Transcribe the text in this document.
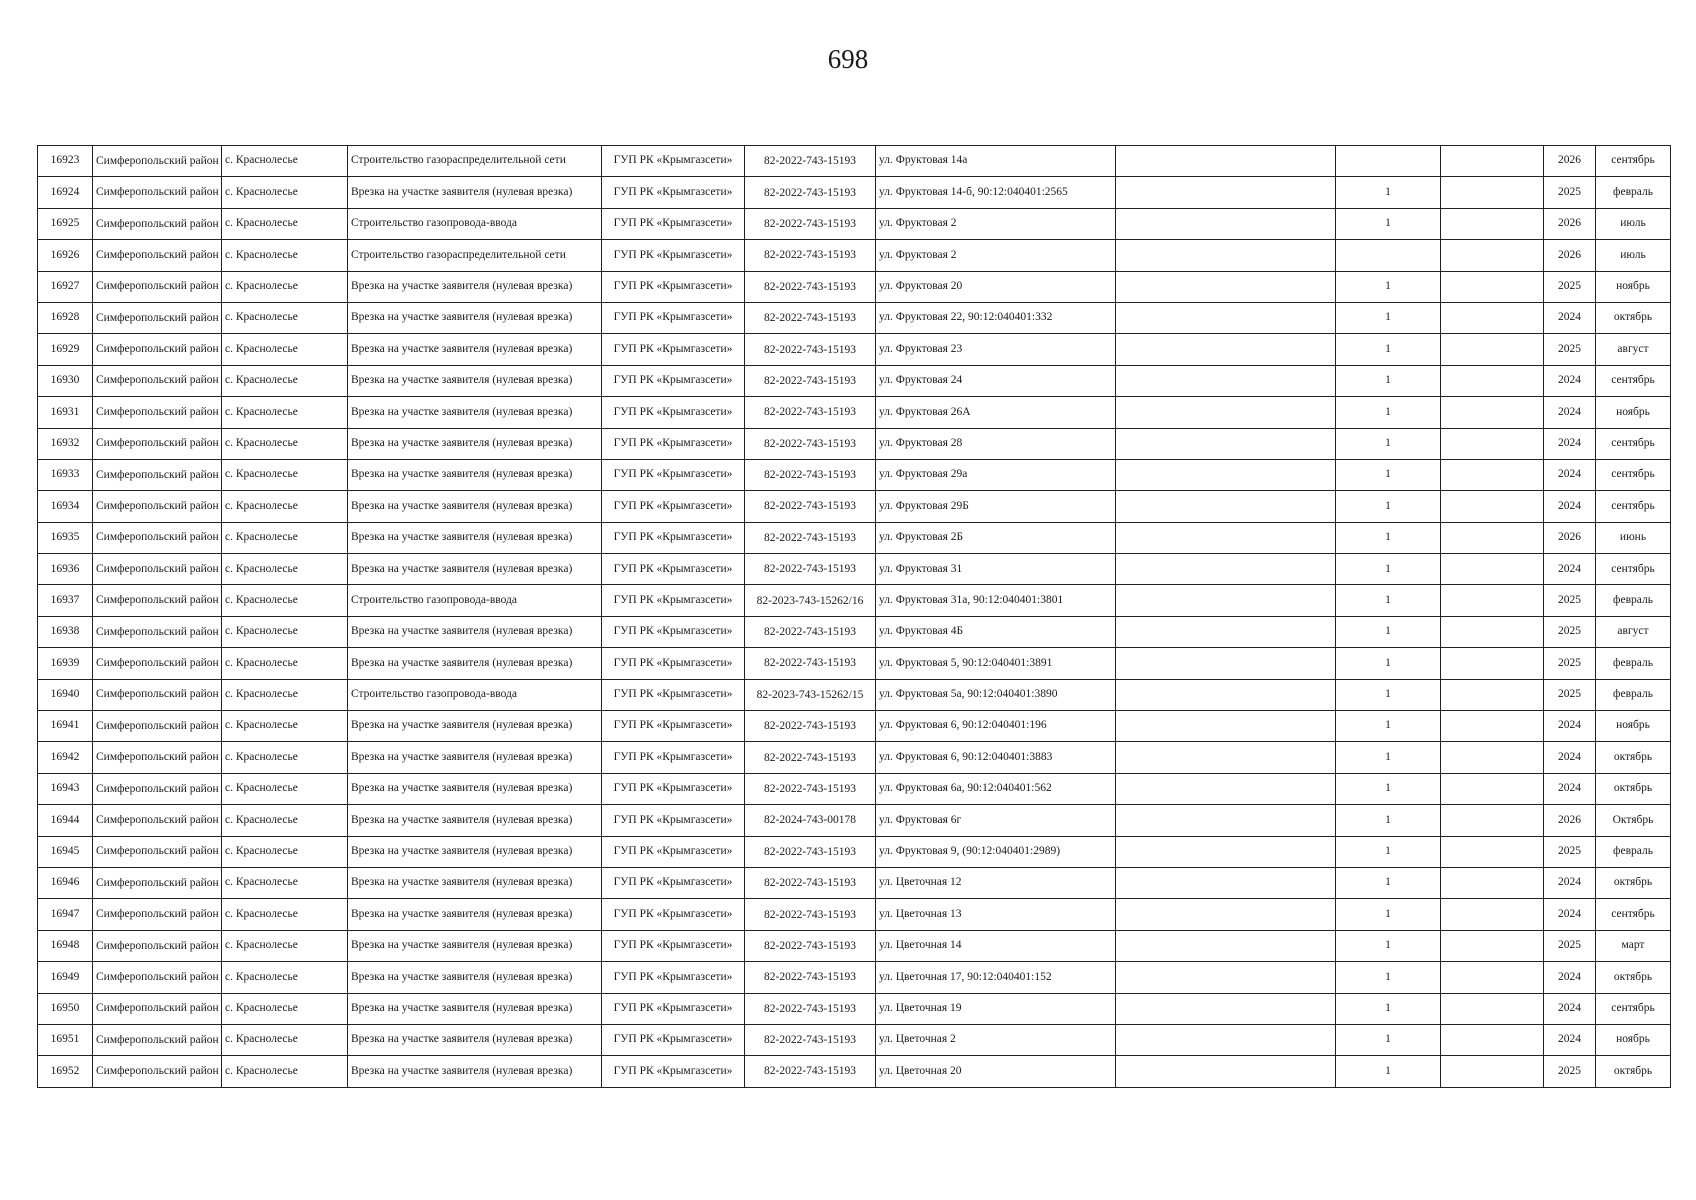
698
16923	Симферопольский район	с. Краснолесье	Строительство газораспределительной сети	ГУП РК «Крымгазсети»	82-2022-743-15193	ул. Фруктовая 14а				2026	сентябрь
16924	Симферопольский район	с. Краснолесье	Врезка на участке заявителя (нулевая врезка)	ГУП РК «Крымгазсети»	82-2022-743-15193	ул. Фруктовая 14-б, 90:12:040401:2565		1		2025	февраль
16925	Симферопольский район	с. Краснолесье	Строительство газопровода-ввода	ГУП РК «Крымгазсети»	82-2022-743-15193	ул. Фруктовая 2		1		2026	июль
16926	Симферопольский район	с. Краснолесье	Строительство газораспределительной сети	ГУП РК «Крымгазсети»	82-2022-743-15193	ул. Фруктовая 2				2026	июль
16927	Симферопольский район	с. Краснолесье	Врезка на участке заявителя (нулевая врезка)	ГУП РК «Крымгазсети»	82-2022-743-15193	ул. Фруктовая 20		1		2025	ноябрь
16928	Симферопольский район	с. Краснолесье	Врезка на участке заявителя (нулевая врезка)	ГУП РК «Крымгазсети»	82-2022-743-15193	ул. Фруктовая 22, 90:12:040401:332		1		2024	октябрь
16929	Симферопольский район	с. Краснолесье	Врезка на участке заявителя (нулевая врезка)	ГУП РК «Крымгазсети»	82-2022-743-15193	ул. Фруктовая 23		1		2025	август
16930	Симферопольский район	с. Краснолесье	Врезка на участке заявителя (нулевая врезка)	ГУП РК «Крымгазсети»	82-2022-743-15193	ул. Фруктовая 24		1		2024	сентябрь
16931	Симферопольский район	с. Краснолесье	Врезка на участке заявителя (нулевая врезка)	ГУП РК «Крымгазсети»	82-2022-743-15193	ул. Фруктовая 26А		1		2024	ноябрь
16932	Симферопольский район	с. Краснолесье	Врезка на участке заявителя (нулевая врезка)	ГУП РК «Крымгазсети»	82-2022-743-15193	ул. Фруктовая 28		1		2024	сентябрь
16933	Симферопольский район	с. Краснолесье	Врезка на участке заявителя (нулевая врезка)	ГУП РК «Крымгазсети»	82-2022-743-15193	ул. Фруктовая 29а		1		2024	сентябрь
16934	Симферопольский район	с. Краснолесье	Врезка на участке заявителя (нулевая врезка)	ГУП РК «Крымгазсети»	82-2022-743-15193	ул. Фруктовая 29Б		1		2024	сентябрь
16935	Симферопольский район	с. Краснолесье	Врезка на участке заявителя (нулевая врезка)	ГУП РК «Крымгазсети»	82-2022-743-15193	ул. Фруктовая 2Б		1		2026	июнь
16936	Симферопольский район	с. Краснолесье	Врезка на участке заявителя (нулевая врезка)	ГУП РК «Крымгазсети»	82-2022-743-15193	ул. Фруктовая 31		1		2024	сентябрь
16937	Симферопольский район	с. Краснолесье	Строительство газопровода-ввода	ГУП РК «Крымгазсети»	82-2023-743-15262/16	ул. Фруктовая 31а, 90:12:040401:3801		1		2025	февраль
16938	Симферопольский район	с. Краснолесье	Врезка на участке заявителя (нулевая врезка)	ГУП РК «Крымгазсети»	82-2022-743-15193	ул. Фруктовая 4Б		1		2025	август
16939	Симферопольский район	с. Краснолесье	Врезка на участке заявителя (нулевая врезка)	ГУП РК «Крымгазсети»	82-2022-743-15193	ул. Фруктовая 5, 90:12:040401:3891		1		2025	февраль
16940	Симферопольский район	с. Краснолесье	Строительство газопровода-ввода	ГУП РК «Крымгазсети»	82-2023-743-15262/15	ул. Фруктовая 5а, 90:12:040401:3890		1		2025	февраль
16941	Симферопольский район	с. Краснолесье	Врезка на участке заявителя (нулевая врезка)	ГУП РК «Крымгазсети»	82-2022-743-15193	ул. Фруктовая 6, 90:12:040401:196		1		2024	ноябрь
16942	Симферопольский район	с. Краснолесье	Врезка на участке заявителя (нулевая врезка)	ГУП РК «Крымгазсети»	82-2022-743-15193	ул. Фруктовая 6, 90:12:040401:3883		1		2024	октябрь
16943	Симферопольский район	с. Краснолесье	Врезка на участке заявителя (нулевая врезка)	ГУП РК «Крымгазсети»	82-2022-743-15193	ул. Фруктовая 6а, 90:12:040401:562		1		2024	октябрь
16944	Симферопольский район	с. Краснолесье	Врезка на участке заявителя (нулевая врезка)	ГУП РК «Крымгазсети»	82-2024-743-00178	ул. Фруктовая 6г		1		2026	Октябрь
16945	Симферопольский район	с. Краснолесье	Врезка на участке заявителя (нулевая врезка)	ГУП РК «Крымгазсети»	82-2022-743-15193	ул. Фруктовая 9, (90:12:040401:2989)		1		2025	февраль
16946	Симферопольский район	с. Краснолесье	Врезка на участке заявителя (нулевая врезка)	ГУП РК «Крымгазсети»	82-2022-743-15193	ул. Цветочная 12		1		2024	октябрь
16947	Симферопольский район	с. Краснолесье	Врезка на участке заявителя (нулевая врезка)	ГУП РК «Крымгазсети»	82-2022-743-15193	ул. Цветочная 13		1		2024	сентябрь
16948	Симферопольский район	с. Краснолесье	Врезка на участке заявителя (нулевая врезка)	ГУП РК «Крымгазсети»	82-2022-743-15193	ул. Цветочная 14		1		2025	март
16949	Симферопольский район	с. Краснолесье	Врезка на участке заявителя (нулевая врезка)	ГУП РК «Крымгазсети»	82-2022-743-15193	ул. Цветочная 17, 90:12:040401:152		1		2024	октябрь
16950	Симферопольский район	с. Краснолесье	Врезка на участке заявителя (нулевая врезка)	ГУП РК «Крымгазсети»	82-2022-743-15193	ул. Цветочная 19		1		2024	сентябрь
16951	Симферопольский район	с. Краснолесье	Врезка на участке заявителя (нулевая врезка)	ГУП РК «Крымгазсети»	82-2022-743-15193	ул. Цветочная 2		1		2024	ноябрь
16952	Симферопольский район	с. Краснолесье	Врезка на участке заявителя (нулевая врезка)	ГУП РК «Крымгазсети»	82-2022-743-15193	ул. Цветочная 20		1		2025	октябрь
